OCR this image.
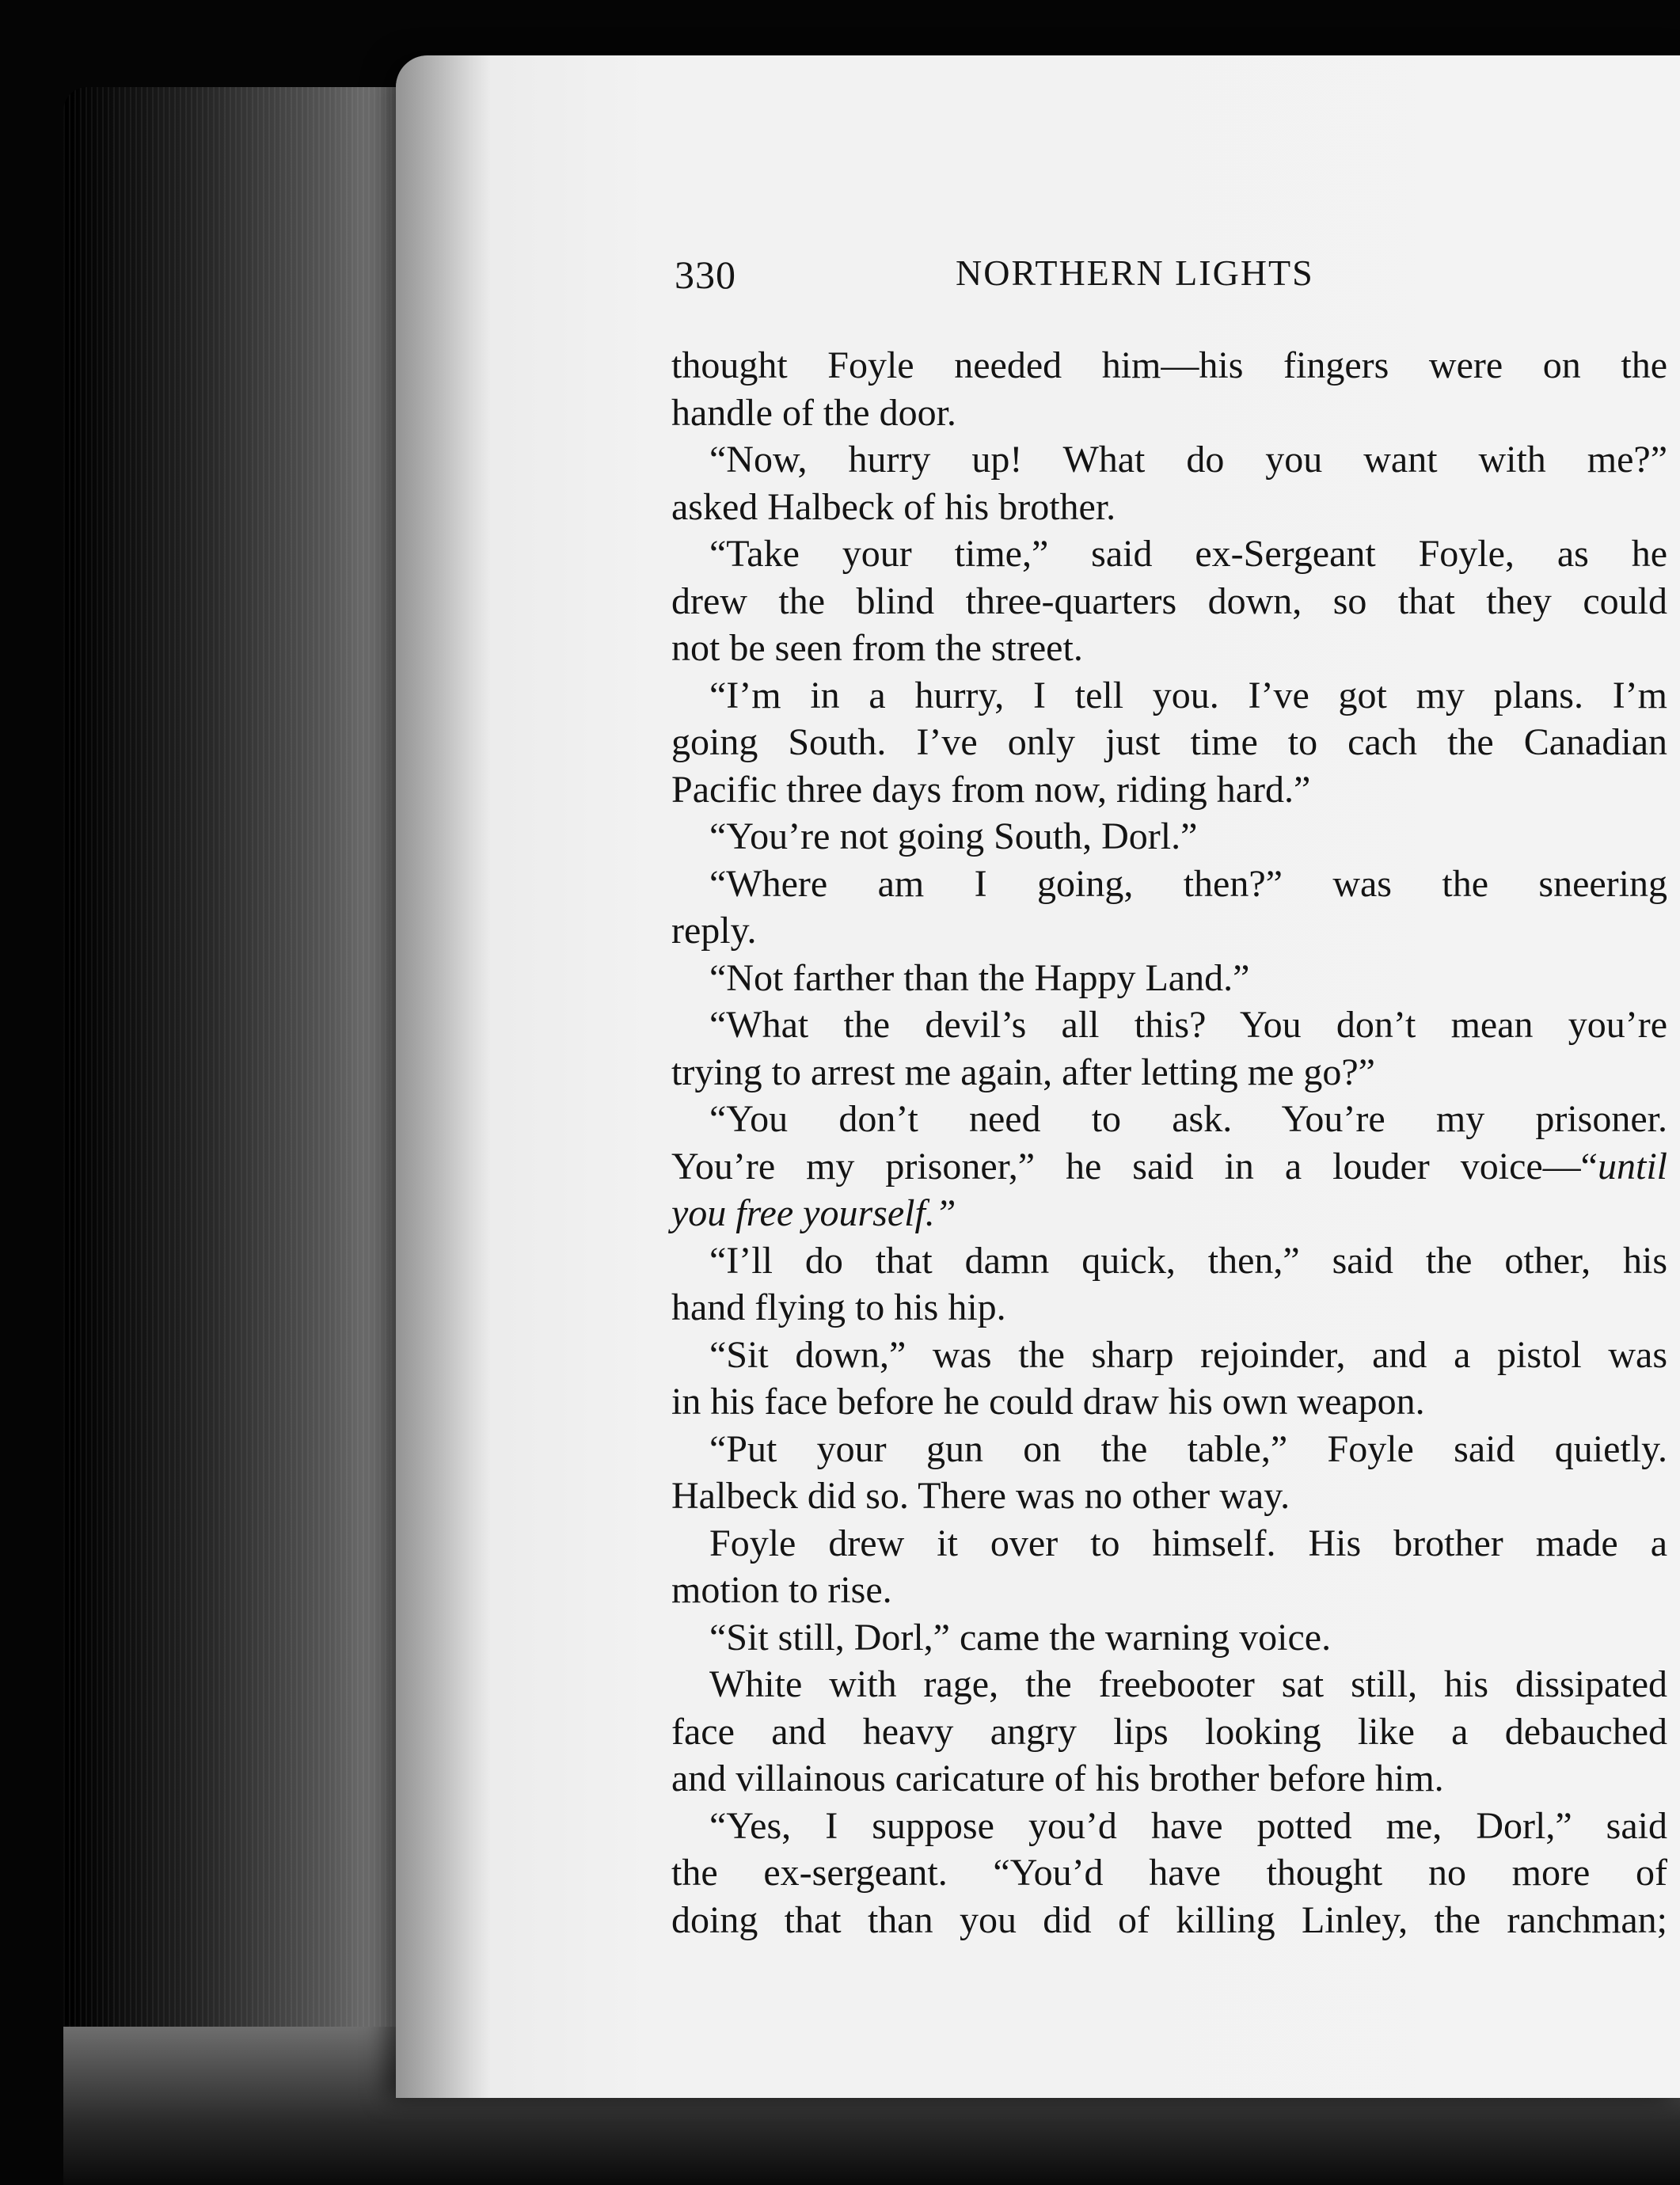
330	NORTHERN LIGHTS
thought Foyle needed him—his fingers were on the
handle of the door.
“Now, hurry up! What do you want with me?”
asked Halbeck of his brother.
“Take your time,” said ex-Sergeant Foyle, as he
drew the blind three-quarters down, so that they could
not be seen from the street.
“I’m in a hurry, I tell you. I’ve got my plans. I’m
going South. I’ve only just time to cach the Canadian
Pacific three days from now, riding hard.”
“You’re not going South, Dorl.”
“Where am I going, then?” was the sneering
reply.
“Not farther than the Happy Land.”
“What the devil’s all this? You don’t mean you’re
trying to arrest me again, after letting me go?”
“You don’t need to ask. You’re my prisoner.
You’re my prisoner,” he said in a louder voice—“until
you free yourself.”
“I’ll do that damn quick, then,” said the other, his
hand flying to his hip.
“Sit down,” was the sharp rejoinder, and a pistol was
in his face before he could draw his own weapon.
“Put your gun on the table,” Foyle said quietly.
Halbeck did so. There was no other way.
Foyle drew it over to himself. His brother made a
motion to rise.
“Sit still, Dorl,” came the warning voice.
White with rage, the freebooter sat still, his dissipated
face and heavy angry lips looking like a debauched
and villainous caricature of his brother before him.
“Yes, I suppose you’d have potted me, Dorl,” said
the ex-sergeant. “You’d have thought no more of
doing that than you did of killing Linley, the ranchman;
